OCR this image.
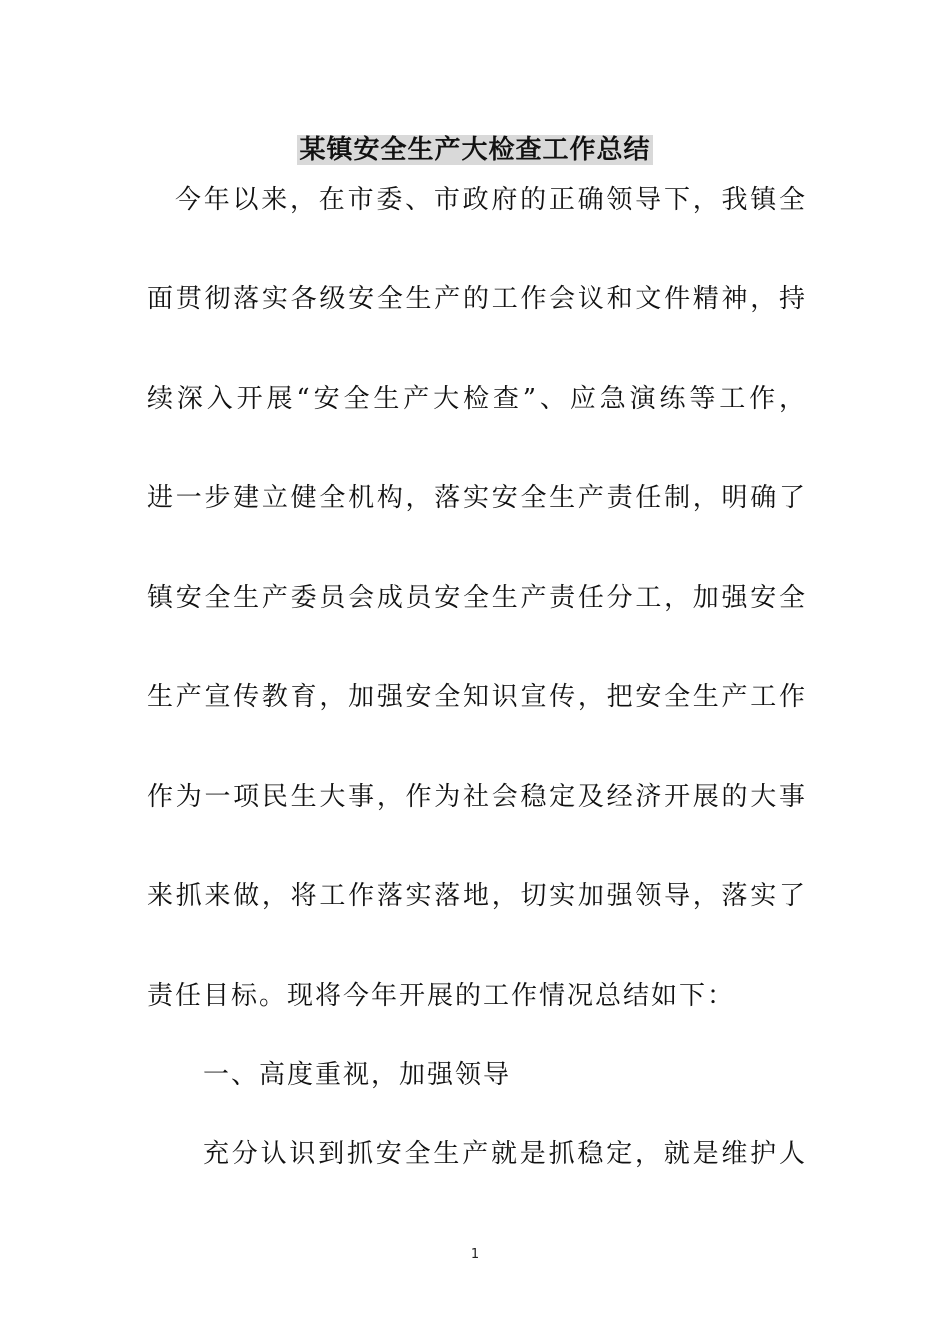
某镇安全生产大检查工作总结
今年以来，在市委、市政府的正确领导下，我镇全
面贯彻落实各级安全生产的工作会议和文件精神，持
续深入开展“安全生产大检查”、应急演练等工作，
进一步建立健全机构，落实安全生产责任制，明确了
镇安全生产委员会成员安全生产责任分工，加强安全
生产宣传教育，加强安全知识宣传，把安全生产工作
作为一项民生大事，作为社会稳定及经济开展的大事
来抓来做，将工作落实落地，切实加强领导，落实了
责任目标。现将今年开展的工作情况总结如下：
一、高度重视，加强领导
充分认识到抓安全生产就是抓稳定，就是维护人
1
